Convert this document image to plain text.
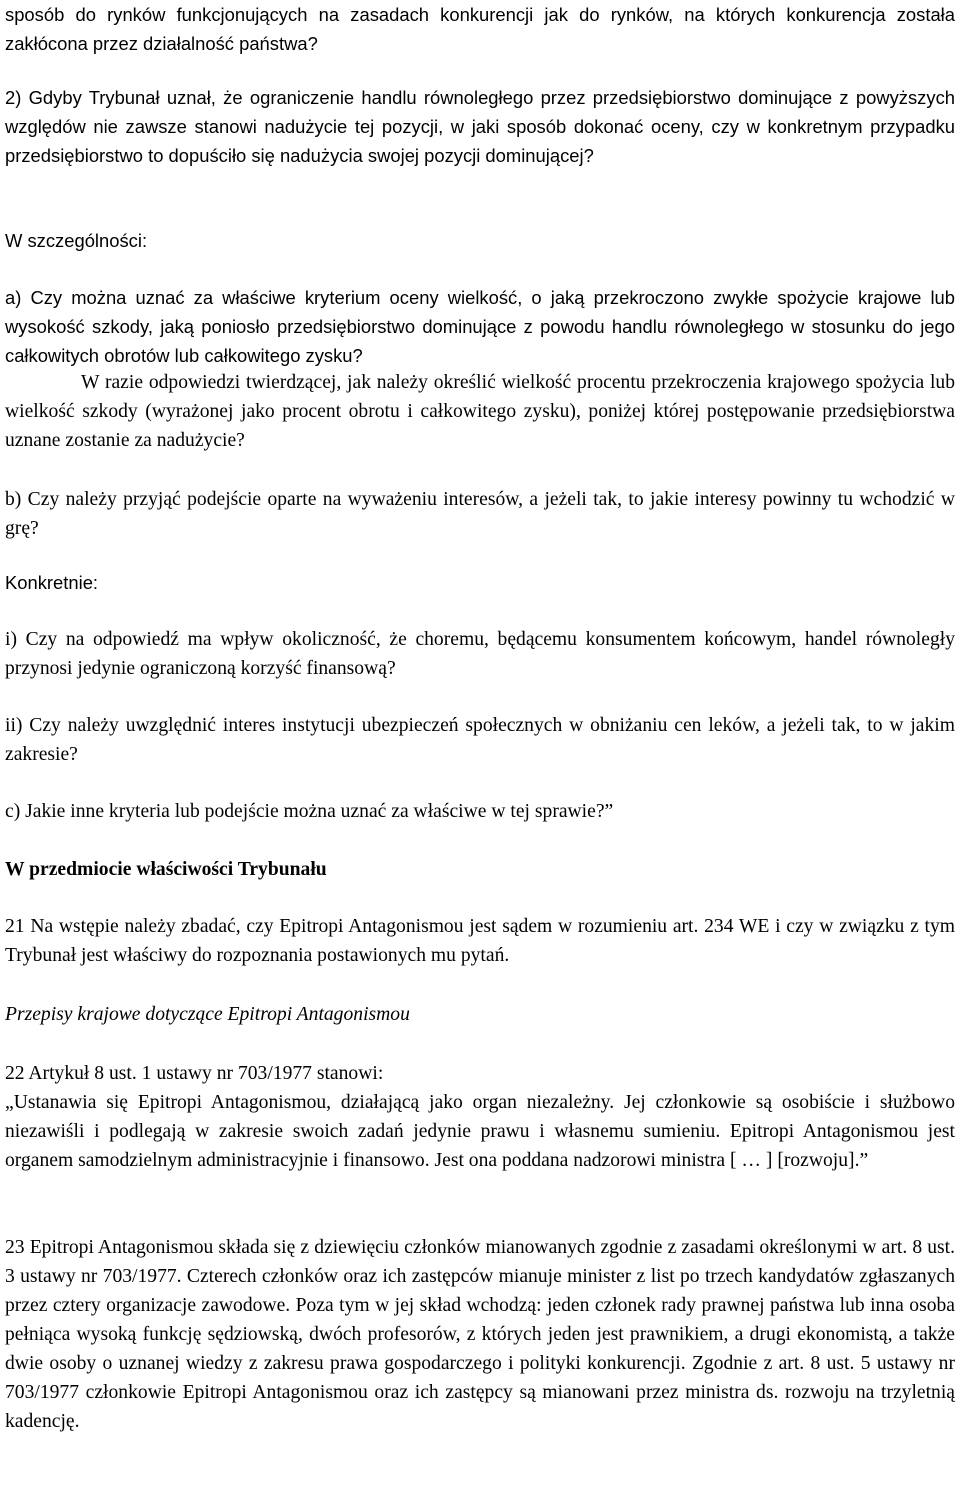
sposób do rynków funkcjonujących na zasadach konkurencji jak do rynków, na których konkurencja została zakłócona przez działalność państwa?

2) Gdyby Trybunał uznał, że ograniczenie handlu równoległego przez przedsiębiorstwo dominujące z powyższych względów nie zawsze stanowi nadużycie tej pozycji, w jaki sposób dokonać oceny, czy w konkretnym przypadku przedsiębiorstwo to dopuściło się nadużycia swojej pozycji dominującej?

W szczególności:

a) Czy można uznać za właściwe kryterium oceny wielkość, o jaką przekroczono zwykłe spożycie krajowe lub wysokość szkody, jaką poniosło przedsiębiorstwo dominujące z powodu handlu równoległego w stosunku do jego całkowitych obrotów lub całkowitego zysku?

W razie odpowiedzi twierdzącej, jak należy określić wielkość procentu przekroczenia krajowego spożycia lub wielkość szkody (wyrażonej jako procent obrotu i całkowitego zysku), poniżej której postępowanie przedsiębiorstwa uznane zostanie za nadużycie?

b) Czy należy przyjąć podejście oparte na wyważeniu interesów, a jeżeli tak, to jakie interesy powinny tu wchodzić w grę?

Konkretnie:

i) Czy na odpowiedź ma wpływ okoliczność, że choremu, będącemu konsumentem końcowym, handel równoległy przynosi jedynie ograniczoną korzyść finansową?

ii) Czy należy uwzględnić interes instytucji ubezpieczeń społecznych w obniżaniu cen leków, a jeżeli tak, to w jakim zakresie?

c) Jakie inne kryteria lub podejście można uznać za właściwe w tej sprawie?”

W przedmiocie właściwości Trybunału

21 Na wstępie należy zbadać, czy Epitropi Antagonismou jest sądem w rozumieniu art. 234 WE i czy w związku z tym Trybunał jest właściwy do rozpoznania postawionych mu pytań.

Przepisy krajowe dotyczące Epitropi Antagonismou

22 Artykuł 8 ust. 1 ustawy nr 703/1977 stanowi:

„Ustanawia się Epitropi Antagonismou, działającą jako organ niezależny. Jej członkowie są osobiście i służbowo niezawiśli i podlegają w zakresie swoich zadań jedynie prawu i własnemu sumieniu. Epitropi Antagonismou jest organem samodzielnym administracyjnie i finansowo. Jest ona poddana nadzorowi ministra [ … ] [rozwoju].”

23 Epitropi Antagonismou składa się z dziewięciu członków mianowanych zgodnie z zasadami określonymi w art. 8 ust. 3 ustawy nr 703/1977. Czterech członków oraz ich zastępców mianuje minister z list po trzech kandydatów zgłaszanych przez cztery organizacje zawodowe. Poza tym w jej skład wchodzą: jeden członek rady prawnej państwa lub inna osoba pełniąca wysoką funkcję sędziowską, dwóch profesorów, z których jeden jest prawnikiem, a drugi ekonomistą, a także dwie osoby o uznanej wiedzy z zakresu prawa gospodarczego i polityki konkurencji. Zgodnie z art. 8 ust. 5 ustawy nr 703/1977 członkowie Epitropi Antagonismou oraz ich zastępcy są mianowani przez ministra ds. rozwoju na trzyletnią kadencję.
